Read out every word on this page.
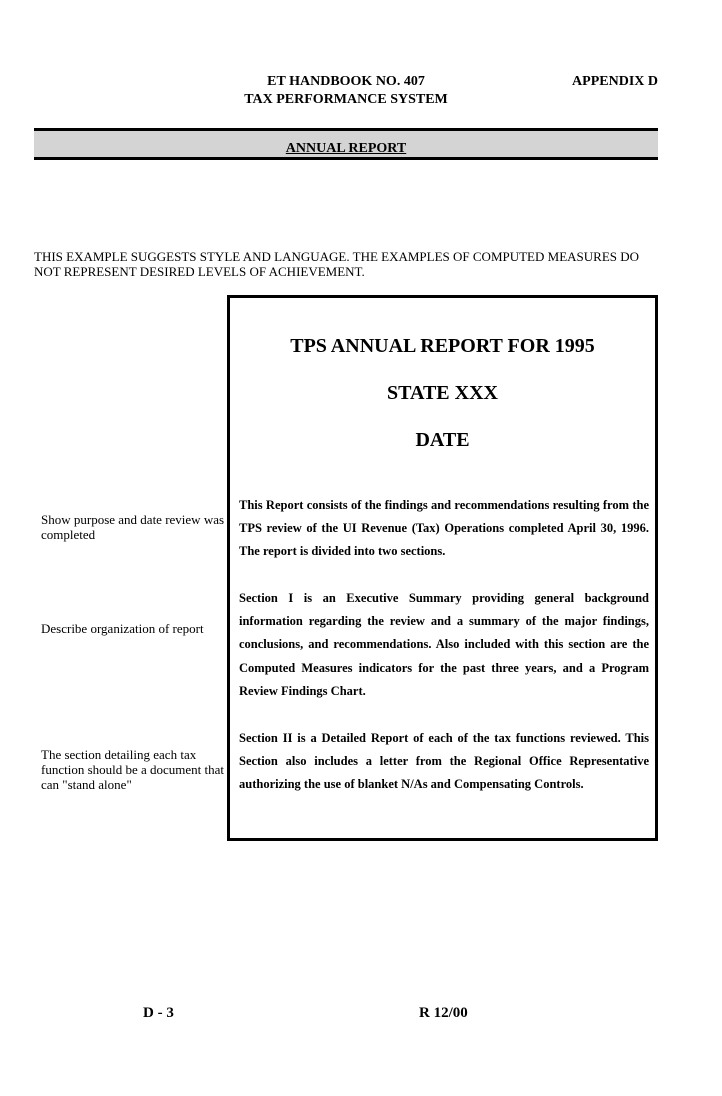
ET HANDBOOK NO. 407
TAX PERFORMANCE SYSTEM
APPENDIX D
ANNUAL REPORT
THIS EXAMPLE SUGGESTS STYLE AND LANGUAGE. THE EXAMPLES OF COMPUTED MEASURES DO NOT REPRESENT DESIRED LEVELS OF ACHIEVEMENT.
TPS ANNUAL REPORT FOR 1995
STATE XXX
DATE
This Report consists of the findings and recommendations resulting from the TPS review of the UI Revenue (Tax) Operations completed April 30, 1996. The report is divided into two sections.
Section I is an Executive Summary providing general background information regarding the review and a summary of the major findings, conclusions, and recommendations. Also included with this section are the Computed Measures indicators for the past three years, and a Program Review Findings Chart.
Section II is a Detailed Report of each of the tax functions reviewed. This Section also includes a letter from the Regional Office Representative authorizing the use of blanket N/As and Compensating Controls.
Show purpose and date review was completed
Describe organization of report
The section detailing each tax function should be a document that can "stand alone"
D - 3	R 12/00
